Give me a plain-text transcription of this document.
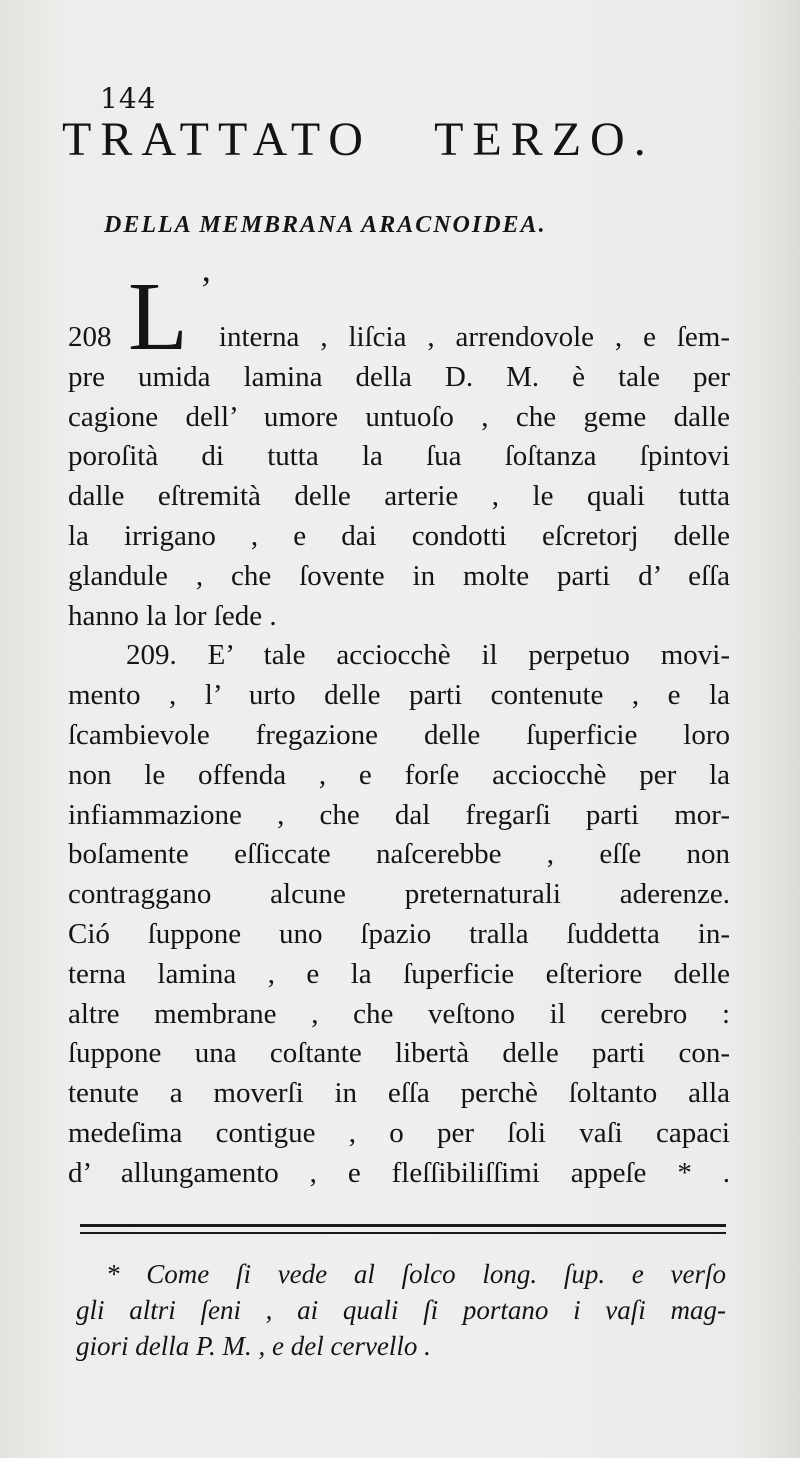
144
TRATTATO   TERZO.
DELLA MEMBRANA ARACNOIDEA.
208 L ’
interna , liſcia , arrendovole , e ſem-
pre umida lamina della D. M. è tale per
cagione dell’ umore untuoſo , che geme dalle
poroſità di tutta la ſua ſoſtanza ſpintovi
dalle eſtremità delle arterie , le quali tutta
la irrigano , e dai condotti eſcretorj delle
glandule , che ſovente in molte parti d’ eſſa
hanno la lor ſede .
209. E’ tale acciocchè il perpetuo movi-
mento , l’ urto delle parti contenute , e la
ſcambievole fregazione delle ſuperficie loro
non le offenda , e forſe acciocchè per la
infiammazione , che dal fregarſi parti mor-
boſamente eſſiccate naſcerebbe , eſſe non
contraggano alcune preternaturali aderenze.
Ció ſuppone uno ſpazio tralla ſuddetta in-
terna lamina , e la ſuperficie eſteriore delle
altre membrane , che veſtono il cerebro :
ſuppone una coſtante libertà delle parti con-
tenute a moverſi in eſſa perchè ſoltanto alla
medeſima contigue , o per ſoli vaſi capaci
d’ allungamento , e fleſſibiliſſimi appeſe * .
* Come ſi vede al ſolco long. ſup. e verſo
gli altri ſeni , ai quali ſi portano i vaſi mag-
giori della P. M. , e del cervello .
